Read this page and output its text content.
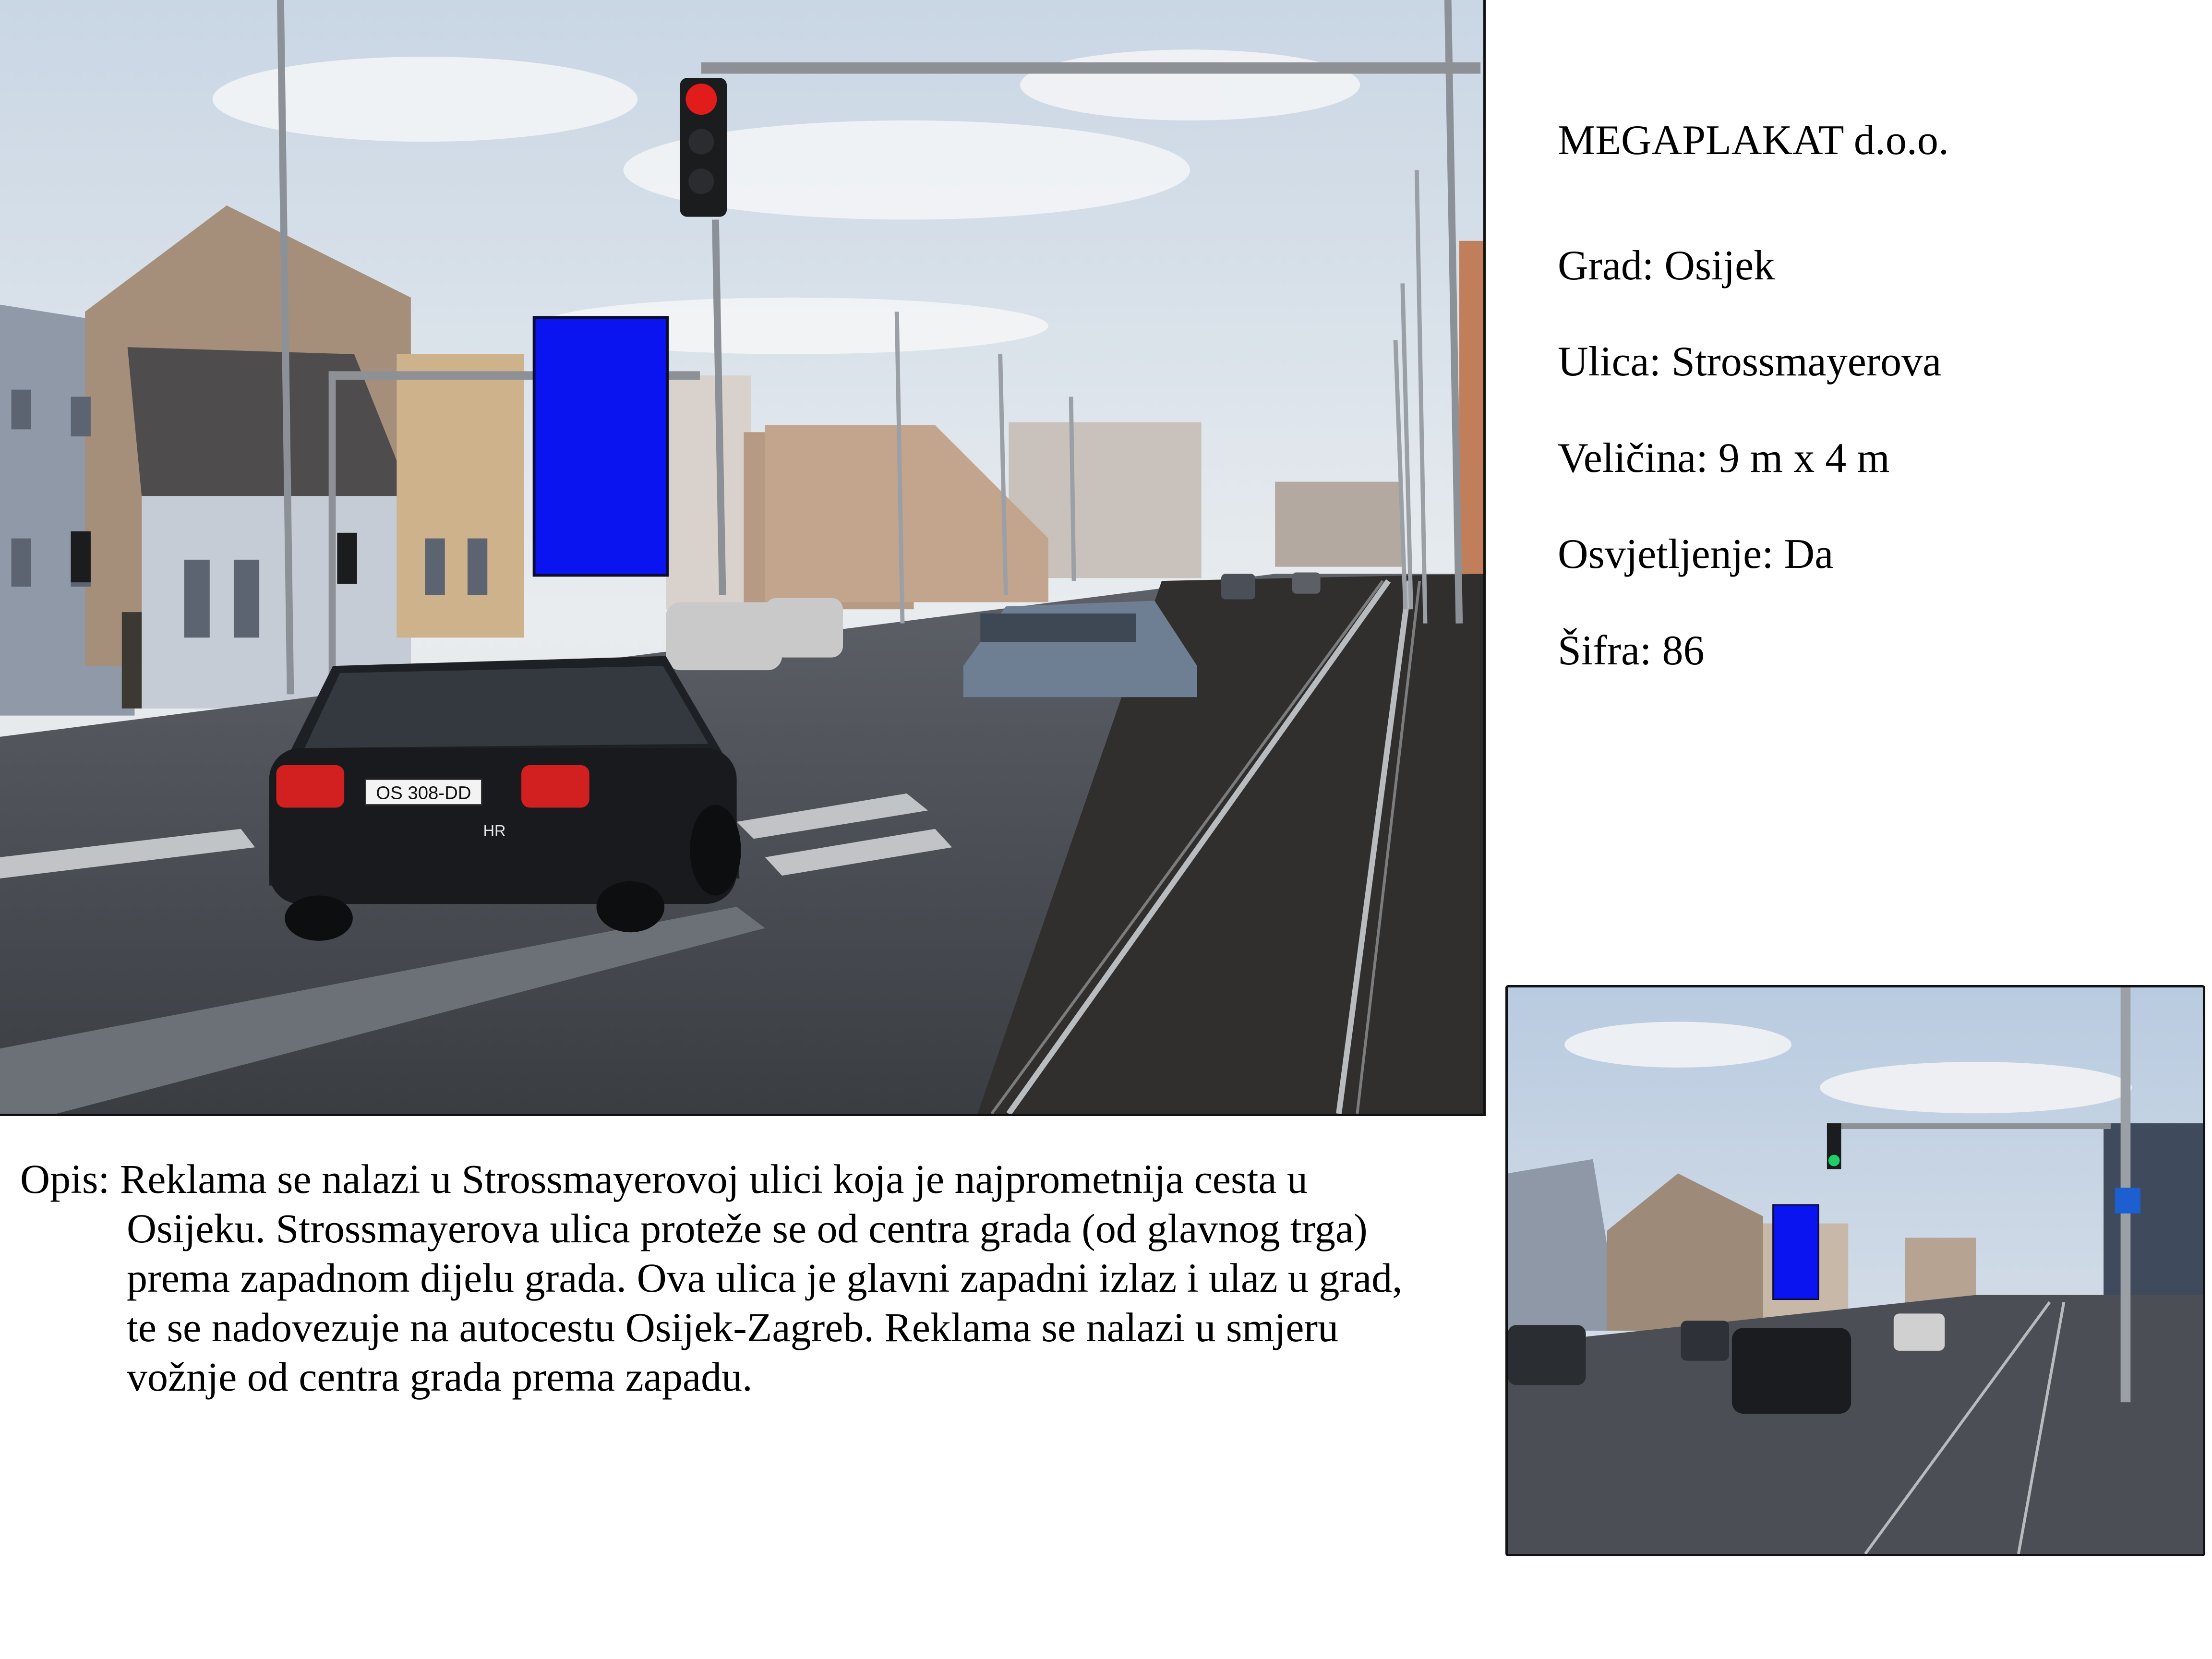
OS 308-DD
HR
MEGAPLAKAT d.o.o.
Grad: Osijek
Ulica: Strossmayerova
Veličina: 9 m x 4 m
Osvjetljenje: Da
Šifra: 86
Opis: Reklama se nalazi u Strossmayerovoj ulici koja je najprometnija cesta u
Osijeku. Strossmayerova ulica proteže se od centra grada (od glavnog trga)
prema zapadnom dijelu grada. Ova ulica je glavni zapadni izlaz i ulaz u grad,
te se nadovezuje na autocestu Osijek-Zagreb. Reklama se nalazi u smjeru
vožnje od centra grada prema zapadu.
